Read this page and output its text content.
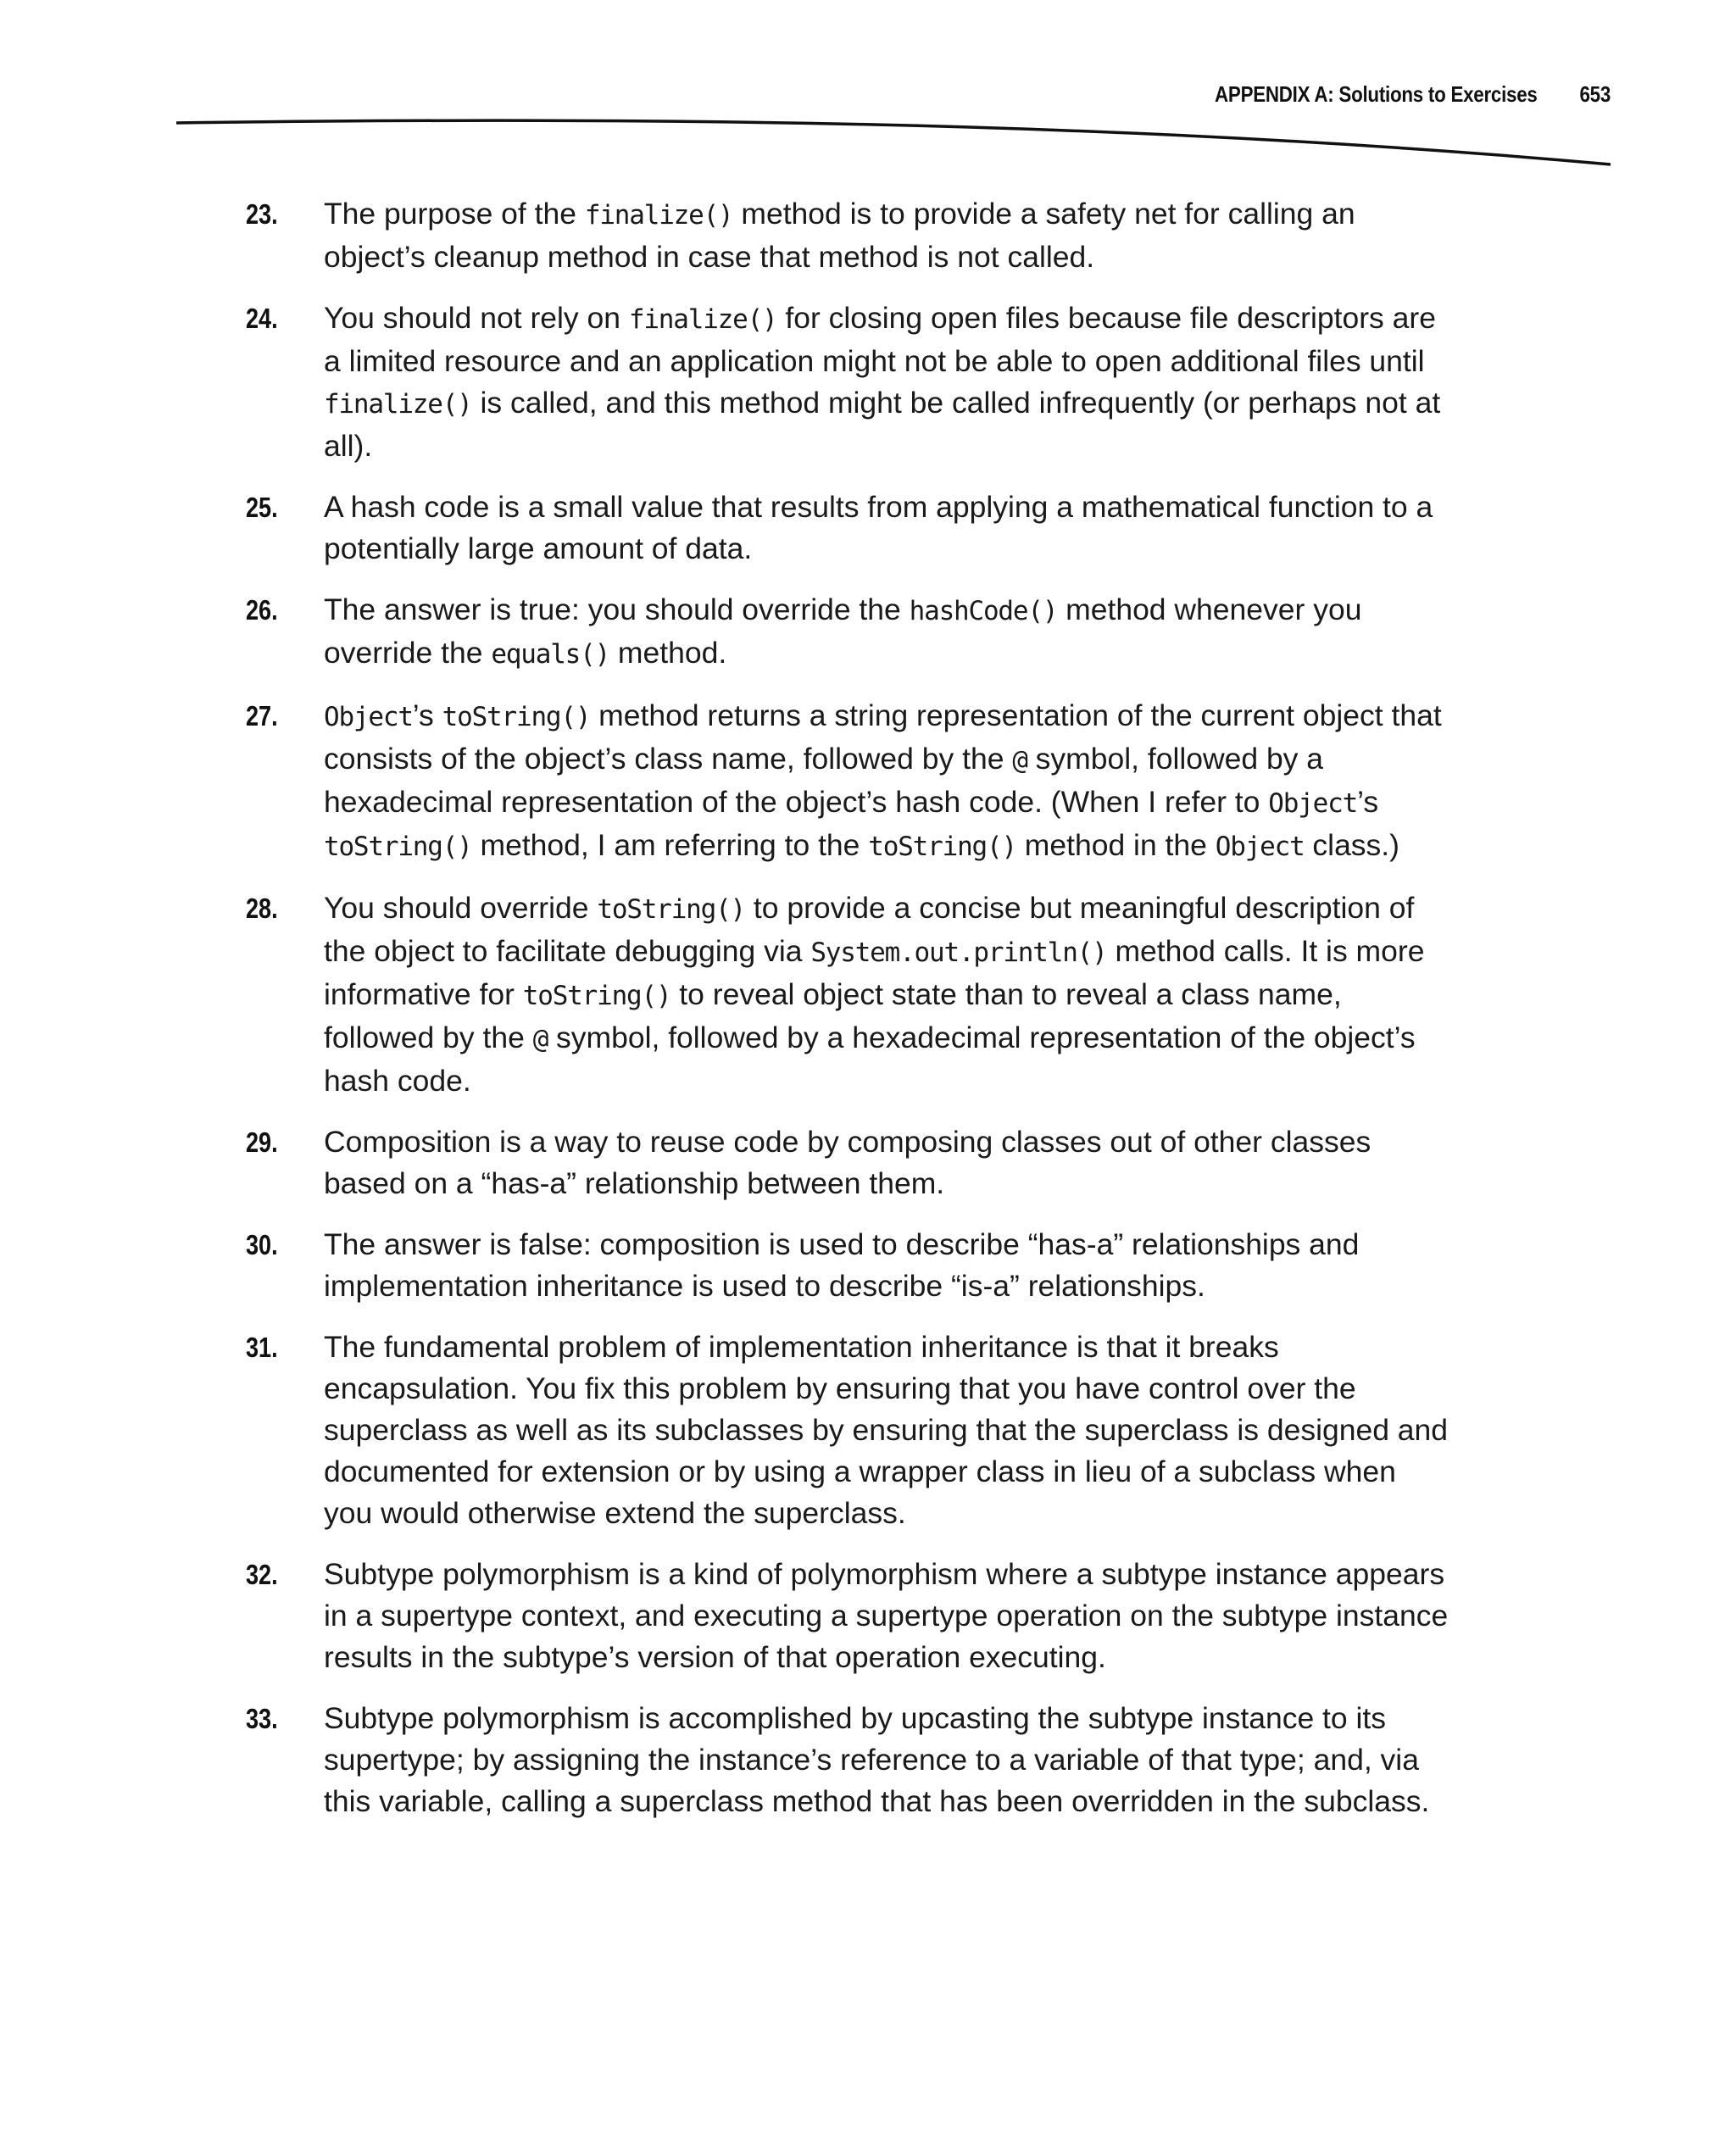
APPENDIX A: Solutions to Exercises 653
23.	The purpose of the finalize() method is to provide a safety net for calling an object’s cleanup method in case that method is not called.
24.	You should not rely on finalize() for closing open files because file descriptors are a limited resource and an application might not be able to open additional files until finalize() is called, and this method might be called infrequently (or perhaps not at all).
25.	A hash code is a small value that results from applying a mathematical function to a potentially large amount of data.
26.	The answer is true: you should override the hashCode() method whenever you override the equals() method.
27.	Object’s toString() method returns a string representation of the current object that consists of the object’s class name, followed by the @ symbol, followed by a hexadecimal representation of the object’s hash code. (When I refer to Object’s toString() method, I am referring to the toString() method in the Object class.)
28.	You should override toString() to provide a concise but meaningful description of the object to facilitate debugging via System.out.println() method calls. It is more informative for toString() to reveal object state than to reveal a class name, followed by the @ symbol, followed by a hexadecimal representation of the object’s hash code.
29.	Composition is a way to reuse code by composing classes out of other classes based on a “has-a” relationship between them.
30.	The answer is false: composition is used to describe “has-a” relationships and implementation inheritance is used to describe “is-a” relationships.
31.	The fundamental problem of implementation inheritance is that it breaks encapsulation. You fix this problem by ensuring that you have control over the superclass as well as its subclasses by ensuring that the superclass is designed and documented for extension or by using a wrapper class in lieu of a subclass when you would otherwise extend the superclass.
32.	Subtype polymorphism is a kind of polymorphism where a subtype instance appears in a supertype context, and executing a supertype operation on the subtype instance results in the subtype’s version of that operation executing.
33.	Subtype polymorphism is accomplished by upcasting the subtype instance to its supertype; by assigning the instance’s reference to a variable of that type; and, via this variable, calling a superclass method that has been overridden in the subclass.
